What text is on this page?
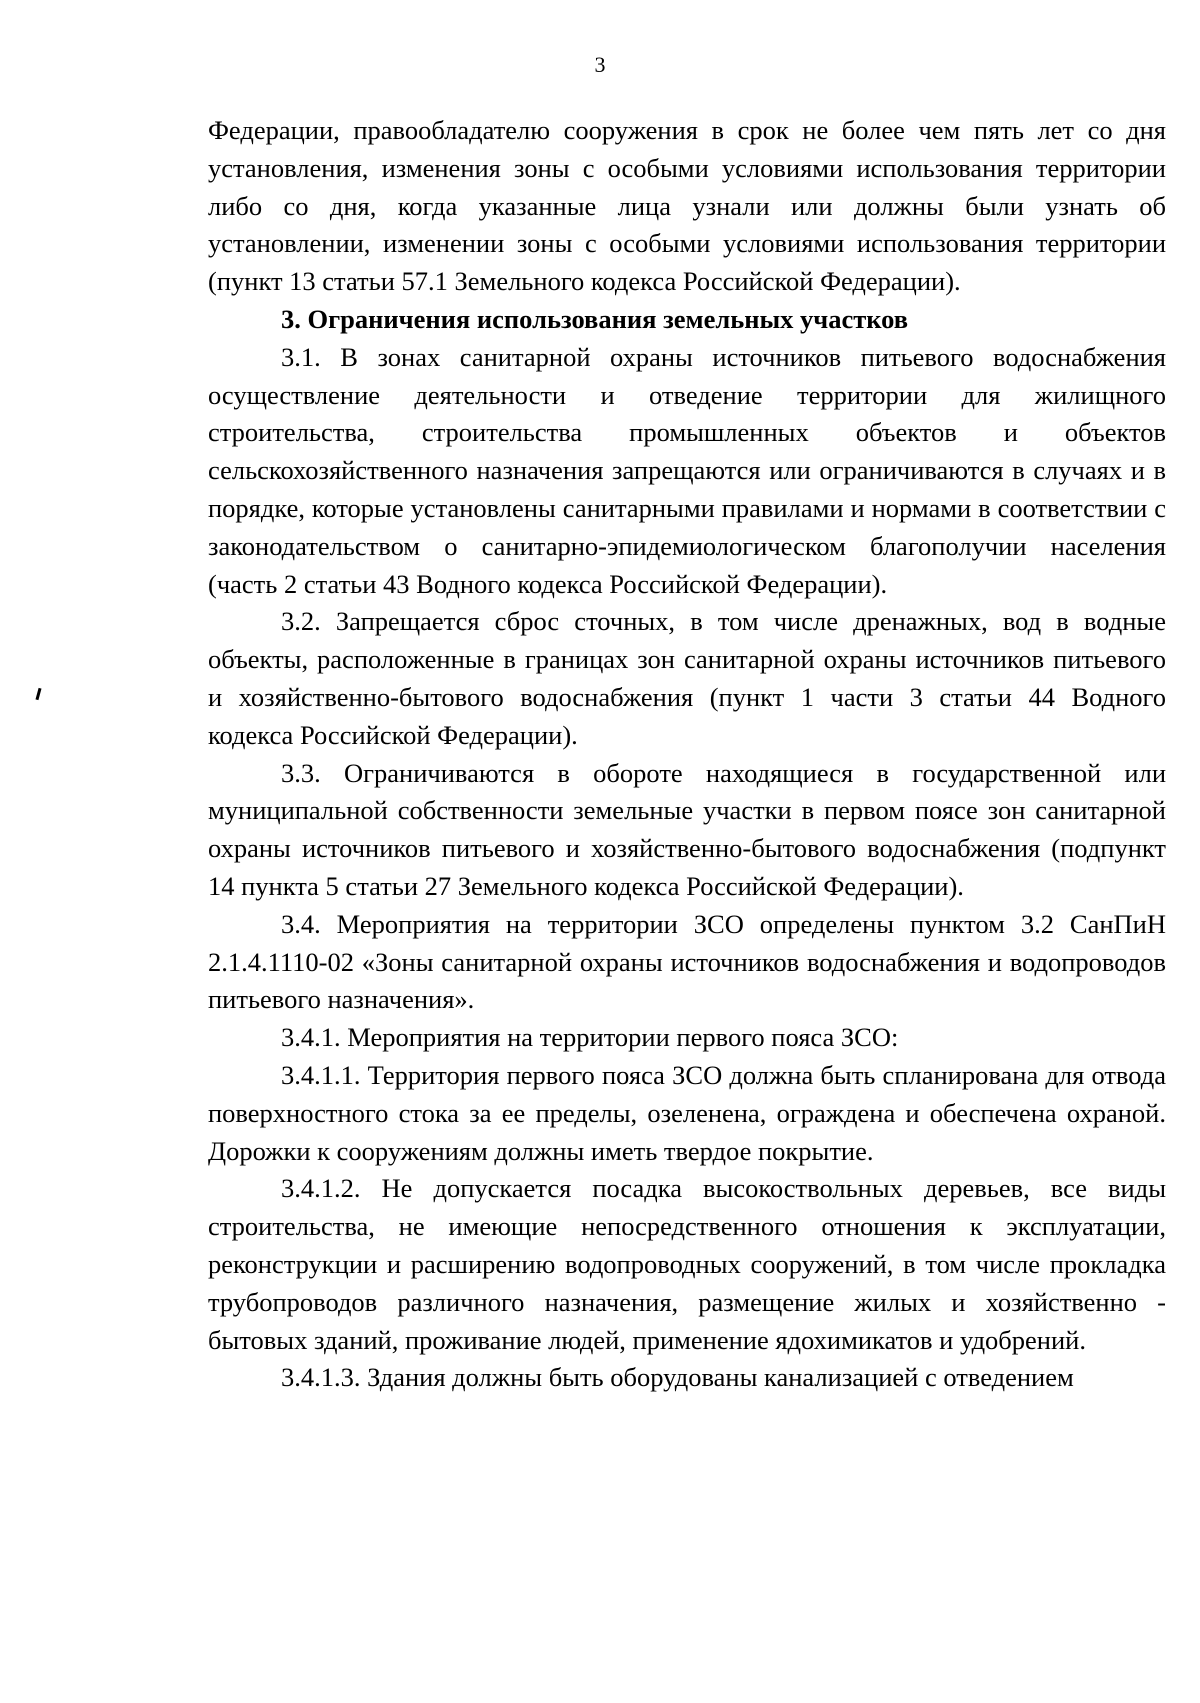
3

Федерации, правообладателю сооружения в срок не более чем пять лет со дня установления, изменения зоны с особыми условиями использования территории либо со дня, когда указанные лица узнали или должны были узнать об установлении, изменении зоны с особыми условиями использования территории (пункт 13 статьи 57.1 Земельного кодекса Российской Федерации).

3. Ограничения использования земельных участков

3.1. В зонах санитарной охраны источников питьевого водоснабжения осуществление деятельности и отведение территории для жилищного строительства, строительства промышленных объектов и объектов сельскохозяйственного назначения запрещаются или ограничиваются в случаях и в порядке, которые установлены санитарными правилами и нормами в соответствии с законодательством о санитарно-эпидемиологическом благополучии населения (часть 2 статьи 43 Водного кодекса Российской Федерации).

3.2. Запрещается сброс сточных, в том числе дренажных, вод в водные объекты, расположенные в границах зон санитарной охраны источников питьевого и хозяйственно-бытового водоснабжения (пункт 1 части 3 статьи 44 Водного кодекса Российской Федерации).

3.3. Ограничиваются в обороте находящиеся в государственной или муниципальной собственности земельные участки в первом поясе зон санитарной охраны источников питьевого и хозяйственно-бытового водоснабжения (подпункт 14 пункта 5 статьи 27 Земельного кодекса Российской Федерации).

3.4. Мероприятия на территории ЗСО определены пунктом 3.2 СанПиН 2.1.4.1110-02 «Зоны санитарной охраны источников водоснабжения и водопроводов питьевого назначения».

3.4.1. Мероприятия на территории первого пояса ЗСО:

3.4.1.1. Территория первого пояса ЗСО должна быть спланирована для отвода поверхностного стока за ее пределы, озеленена, ограждена и обеспечена охраной. Дорожки к сооружениям должны иметь твердое покрытие.

3.4.1.2. Не допускается посадка высокоствольных деревьев, все виды строительства, не имеющие непосредственного отношения к эксплуатации, реконструкции и расширению водопроводных сооружений, в том числе прокладка трубопроводов различного назначения, размещение жилых и хозяйственно - бытовых зданий, проживание людей, применение ядохимикатов и удобрений.

3.4.1.3. Здания должны быть оборудованы канализацией с отведением
